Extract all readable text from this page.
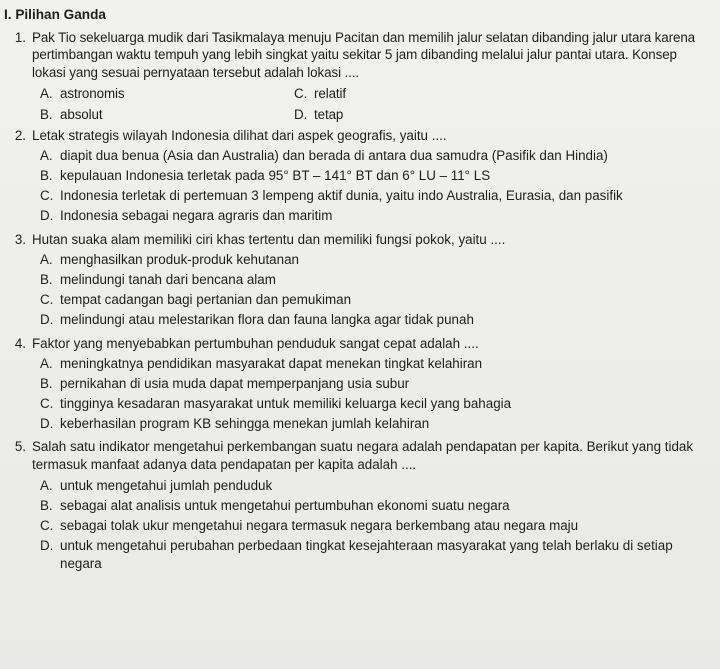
I. Pilihan Ganda
1. Pak Tio sekeluarga mudik dari Tasikmalaya menuju Pacitan dan memilih jalur selatan dibanding jalur utara karena pertimbangan waktu tempuh yang lebih singkat yaitu sekitar 5 jam dibanding melalui jalur pantai utara. Konsep lokasi yang sesuai pernyataan tersebut adalah lokasi ....
A. astronomis	C. relatif
B. absolut	D. tetap
2. Letak strategis wilayah Indonesia dilihat dari aspek geografis, yaitu ....
A. diapit dua benua (Asia dan Australia) dan berada di antara dua samudra (Pasifik dan Hindia)
B. kepulauan Indonesia terletak pada 95° BT – 141° BT dan 6° LU – 11° LS
C. Indonesia terletak di pertemuan 3 lempeng aktif dunia, yaitu indo Australia, Eurasia, dan pasifik
D. Indonesia sebagai negara agraris dan maritim
3. Hutan suaka alam memiliki ciri khas tertentu dan memiliki fungsi pokok, yaitu ....
A. menghasilkan produk-produk kehutanan
B. melindungi tanah dari bencana alam
C. tempat cadangan bagi pertanian dan pemukiman
D. melindungi atau melestarikan flora dan fauna langka agar tidak punah
4. Faktor yang menyebabkan pertumbuhan penduduk sangat cepat adalah ....
A. meningkatnya pendidikan masyarakat dapat menekan tingkat kelahiran
B. pernikahan di usia muda dapat memperpanjang usia subur
C. tingginya kesadaran masyarakat untuk memiliki keluarga kecil yang bahagia
D. keberhasilan program KB sehingga menekan jumlah kelahiran
5. Salah satu indikator mengetahui perkembangan suatu negara adalah pendapatan per kapita. Berikut yang tidak termasuk manfaat adanya data pendapatan per kapita adalah ....
A. untuk mengetahui jumlah penduduk
B. sebagai alat analisis untuk mengetahui pertumbuhan ekonomi suatu negara
C. sebagai tolak ukur mengetahui negara termasuk negara berkembang atau negara maju
D. untuk mengetahui perubahan perbedaan tingkat kesejahteraan masyarakat yang telah berlaku di setiap negara
